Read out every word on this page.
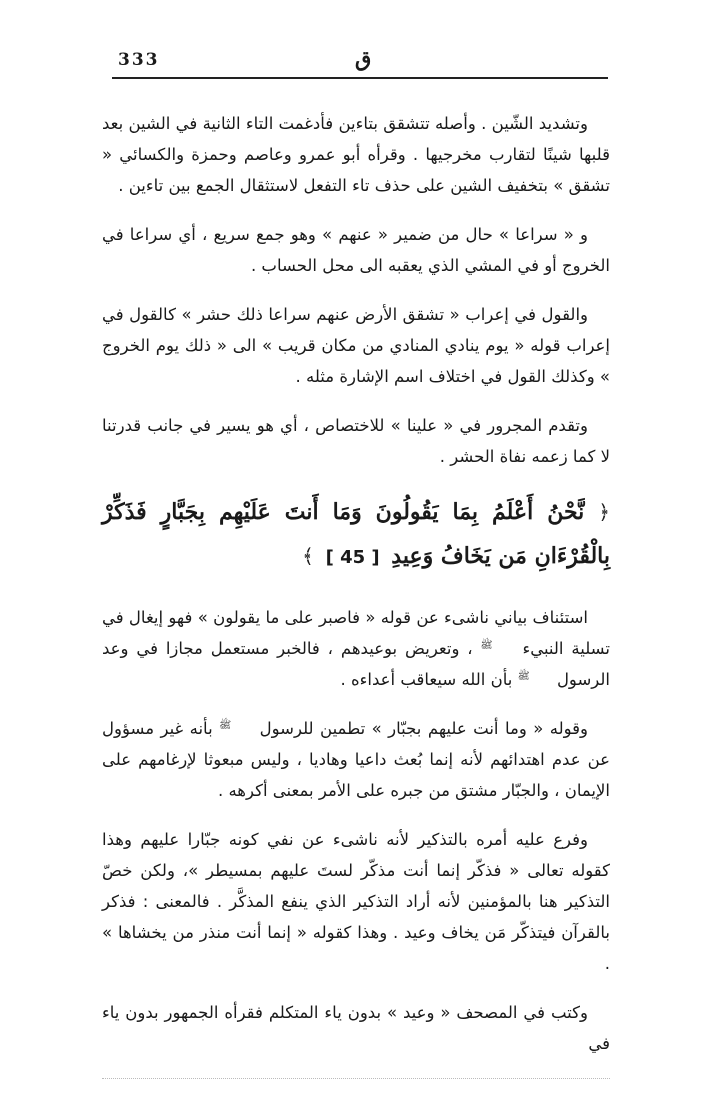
333	ق

وتشديد الشّين . وأصله تتشقق بتاءين فأدغمت التاء الثانية في الشين بعد قلبها شينًا لتقارب مخرجيها . وقرأه أبو عمرو وعاصم وحمزة والكسائي « تشقق » بتخفيف الشين على حذف تاء التفعل لاستثقال الجمع بين تاءين .

و « سراعا » حال من ضمير « عنهم » وهو جمع سريع ، أي سراعا في الخروج أو في المشي الذي يعقبه الى محل الحساب .

والقول في إعراب « تشقق الأرض عنهم سراعا ذلك حشر » كالقول في إعراب قوله « يوم ينادي المنادي من مكان قريب » الى « ذلك يوم الخروج » وكذلك القول في اختلاف اسم الإشارة مثله .

وتقدم المجرور في « علينا » للاختصاص ، أي هو يسير في جانب قدرتنا لا كما زعمه نفاة الحشر .

﴿ نَّحْنُ أَعْلَمُ بِمَا يَقُولُونَ وَمَا أَنتَ عَلَيْهِم بِجَبَّارٍ فَذَكِّرْ بِالْقُرْءَانِ مَن يَخَافُ وَعِيدِ [ 45 ] ﴾

استئناف بياني ناشىء عن قوله « فاصبر على ما يقولون » فهو إيغال في تسلية النبيء ﷺ ، وتعريض بوعيدهم ، فالخبر مستعمل مجازا في وعد الرسول ﷺ بأن الله سيعاقب أعداءه .

وقوله « وما أنت عليهم بجبّار » تطمين للرسول ﷺ بأنه غير مسؤول عن عدم اهتدائهم لأنه إنما بُعث داعيا وهاديا ، وليس مبعوثا لإرغامهم على الإيمان ، والجبّار مشتق من جبره على الأمر بمعنى أكرهه .

وفرع عليه أمره بالتذكير لأنه ناشىء عن نفي كونه جبّارا عليهم وهذا كقوله تعالى « فذكّر إنما أنت مذكّر لستَ عليهم بمسيطر »، ولكن خصّ التذكير هنا بالمؤمنين لأنه أراد التذكير الذي ينفع المذكَّر . فالمعنى : فذكر بالقرآن فيتذكّر مَن يخاف وعيد . وهذا كقوله « إنما أنت منذر من يخشاها » .

وكتب في المصحف « وعيد » بدون ياء المتكلم فقرأه الجمهور بدون ياء في
